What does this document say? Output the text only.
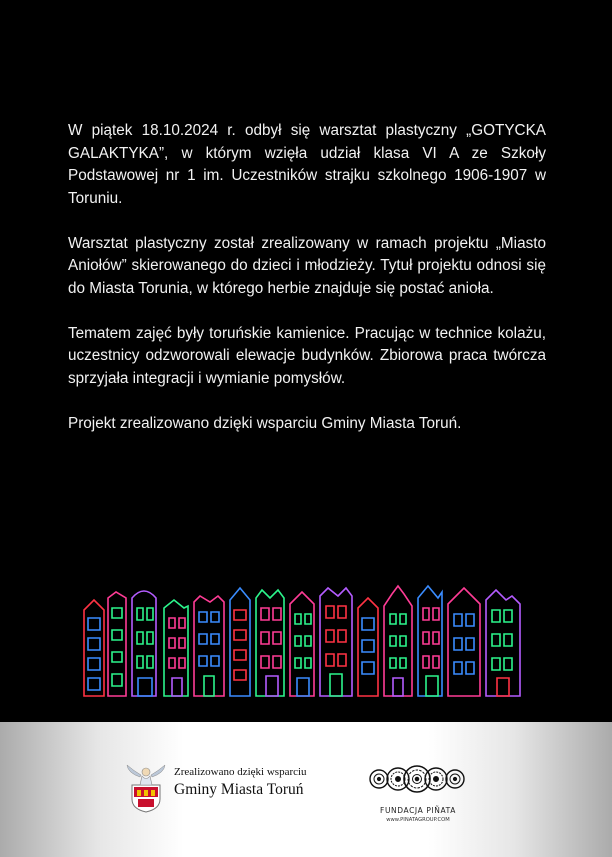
W piątek 18.10.2024 r. odbył się warsztat plastyczny „GOTYCKA GALAKTYKA”, w którym wzięła udział klasa VI A ze Szkoły Podstawowej nr 1 im. Uczestników strajku szkolnego 1906-1907 w Toruniu.

Warsztat plastyczny został zrealizowany w ramach projektu „Miasto Aniołów” skierowanego do dzieci i młodzieży. Tytuł projektu odnosi się do Miasta Torunia, w którego herbie znajduje się postać anioła.

Tematem zajęć były toruńskie kamienice. Pracując w technice kolażu, uczestnicy odzworowali elewacje budynków. Zbiorowa praca twórcza sprzyjała integracji i wymianie pomysłów.

Projekt zrealizowano dzięki wsparciu Gminy Miasta Toruń.

Zrealizowano dzięki wsparciu
Gminy Miasta Toruń
FUNDACJA PIÑATA
www.PINATAGROUP.COM
